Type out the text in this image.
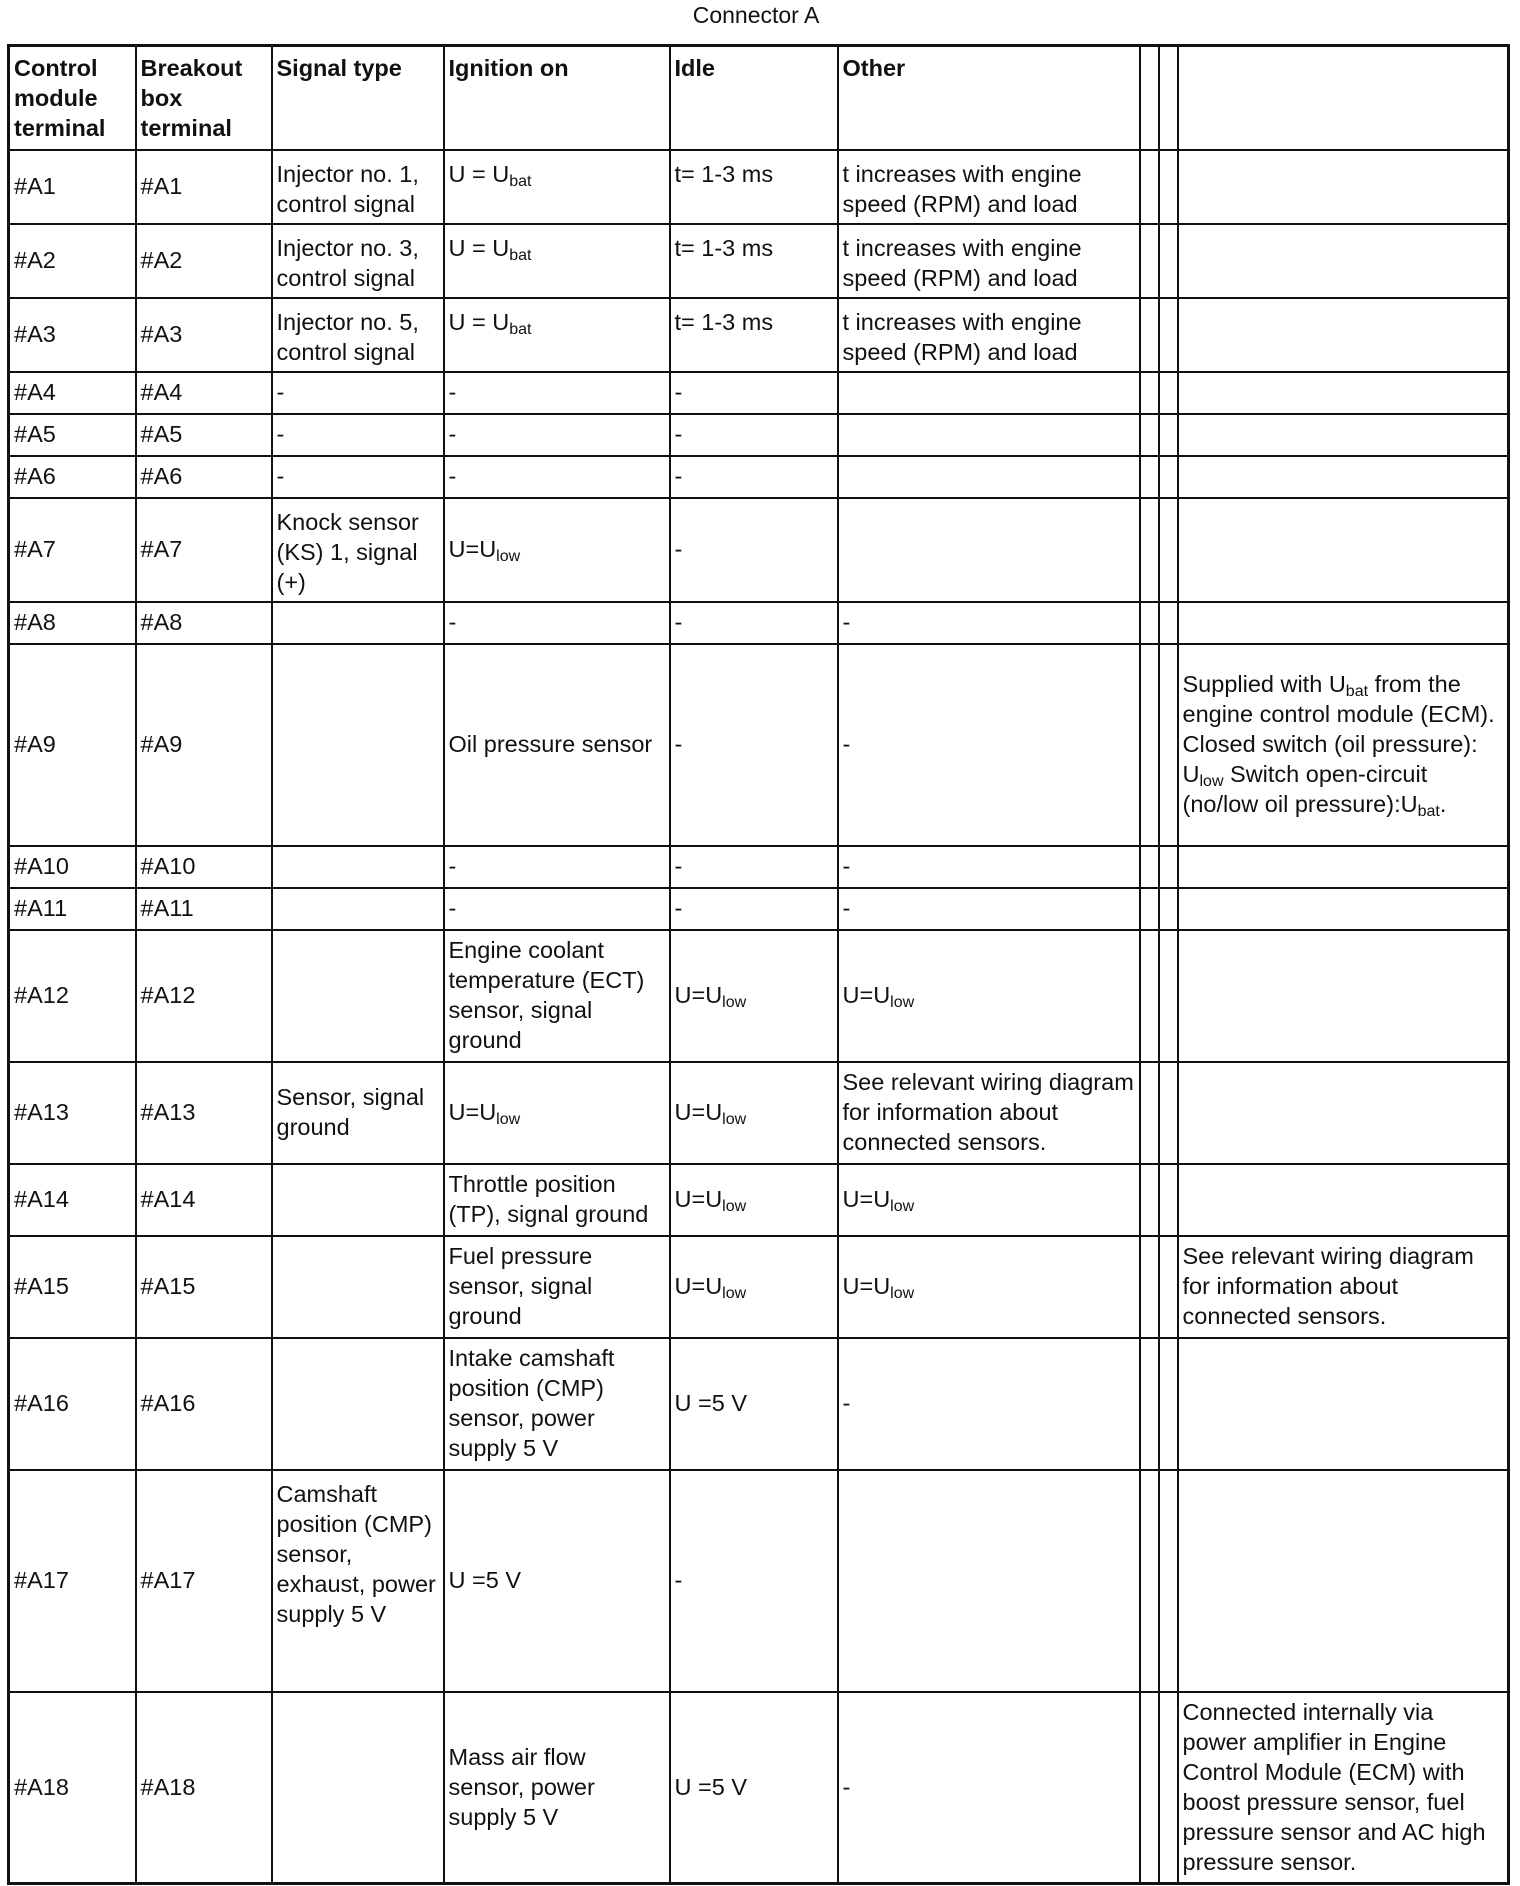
Connector A
Control module terminal	Breakout box terminal	Signal type	Ignition on	Idle	Other			
#A1	#A1	Injector no. 1, control signal	$U = U_{bat}$	t= 1-3 ms	t increases with engine speed (RPM) and load			
#A2	#A2	Injector no. 3, control signal	$U = U_{bat}$	t= 1-3 ms	t increases with engine speed (RPM) and load			
#A3	#A3	Injector no. 5, control signal	$U = U_{bat}$	t= 1-3 ms	t increases with engine speed (RPM) and load			
#A4	#A4	-	-	-				
#A5	#A5	-	-	-				
#A6	#A6	-	-	-				
#A7	#A7	Knock sensor (KS) 1, signal (+)	$U=U_{low}$	-				
#A8	#A8		-	-	-			
#A9	#A9		Oil pressure sensor	-	-			Supplied with $U_{bat}$ from the engine control module (ECM). Closed switch (oil pressure): $U_{low}$ Switch open-circuit (no/low oil $pressure):U_{bat}$.
#A10	#A10		-	-	-			
#A11	#A11		-	-	-			
#A12	#A12		Engine coolant temperature (ECT) sensor, signal ground	$U=U_{low}$	$U=U_{low}$			
#A13	#A13	Sensor, signal ground	$U=U_{low}$	$U=U_{low}$	See relevant wiring diagram for information about connected sensors.			
#A14	#A14		Throttle position (TP), signal ground	$U=U_{low}$	$U=U_{low}$			
#A15	#A15		Fuel pressure sensor, signal ground	$U=U_{low}$	$U=U_{low}$			See relevant wiring diagram for information about connected sensors.
#A16	#A16		Intake camshaft position (CMP) sensor, power supply 5 V	U =5 V	-			
#A17	#A17	Camshaft position (CMP) sensor, exhaust, power supply 5 V	U =5 V	-				
#A18	#A18		Mass air flow sensor, power supply 5 V	U =5 V	-			Connected internally via power amplifier in Engine Control Module (ECM) with boost pressure sensor, fuel pressure sensor and AC high pressure sensor.
